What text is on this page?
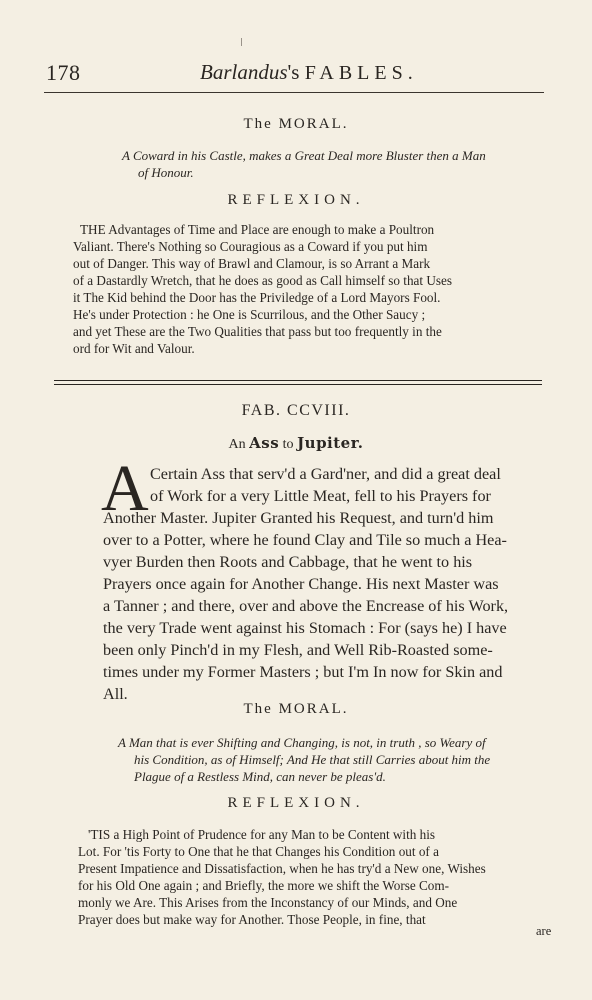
178	Barlandus's FABLES.
The MORAL.
A Coward in his Castle, makes a Great Deal more Bluster then a Man
of Honour.
REFLEXION.
THE Advantages of Time and Place are enough to make a Poultron
Valiant. There's Nothing so Couragious as a Coward if you put him
out of Danger. This way of Brawl and Clamour, is so Arrant a Mark
of a Dastardly Wretch, that he does as good as Call himself so that Uses
it The Kid behind the Door has the Priviledge of a Lord Mayors Fool.
He's under Protection : he One is Scurrilous, and the Other Saucy ;
and yet These are the Two Qualities that pass but too frequently in the
ord for Wit and Valour.
FAB. CCVIII.
An Ass to Jupiter.
A Certain Ass that serv'd a Gard'ner, and did a great deal
of Work for a very Little Meat, fell to his Prayers for
Another Master. Jupiter Granted his Request, and turn'd him
over to a Potter, where he found Clay and Tile so much a Hea-
vyer Burden then Roots and Cabbage, that he went to his
Prayers once again for Another Change. His next Master was
a Tanner ; and there, over and above the Encrease of his Work,
the very Trade went against his Stomach : For (says he) I have
been only Pinch'd in my Flesh, and Well Rib-Roasted some-
times under my Former Masters ; but I'm In now for Skin and
All.
The MORAL.
A Man that is ever Shifting and Changing, is not, in truth , so Weary of
his Condition, as of Himself; And He that still Carries about him the
Plague of a Restless Mind, can never be pleas'd.
REFLEXION.
'TIS a High Point of Prudence for any Man to be Content with his
Lot. For 'tis Forty to One that he that Changes his Condition out of a
Present Impatience and Dissatisfaction, when he has try'd a New one, Wishes
for his Old One again ; and Briefly, the more we shift the Worse Com-
monly we Are. This Arises from the Inconstancy of our Minds, and One
Prayer does but make way for Another. Those People, in fine, that
are
